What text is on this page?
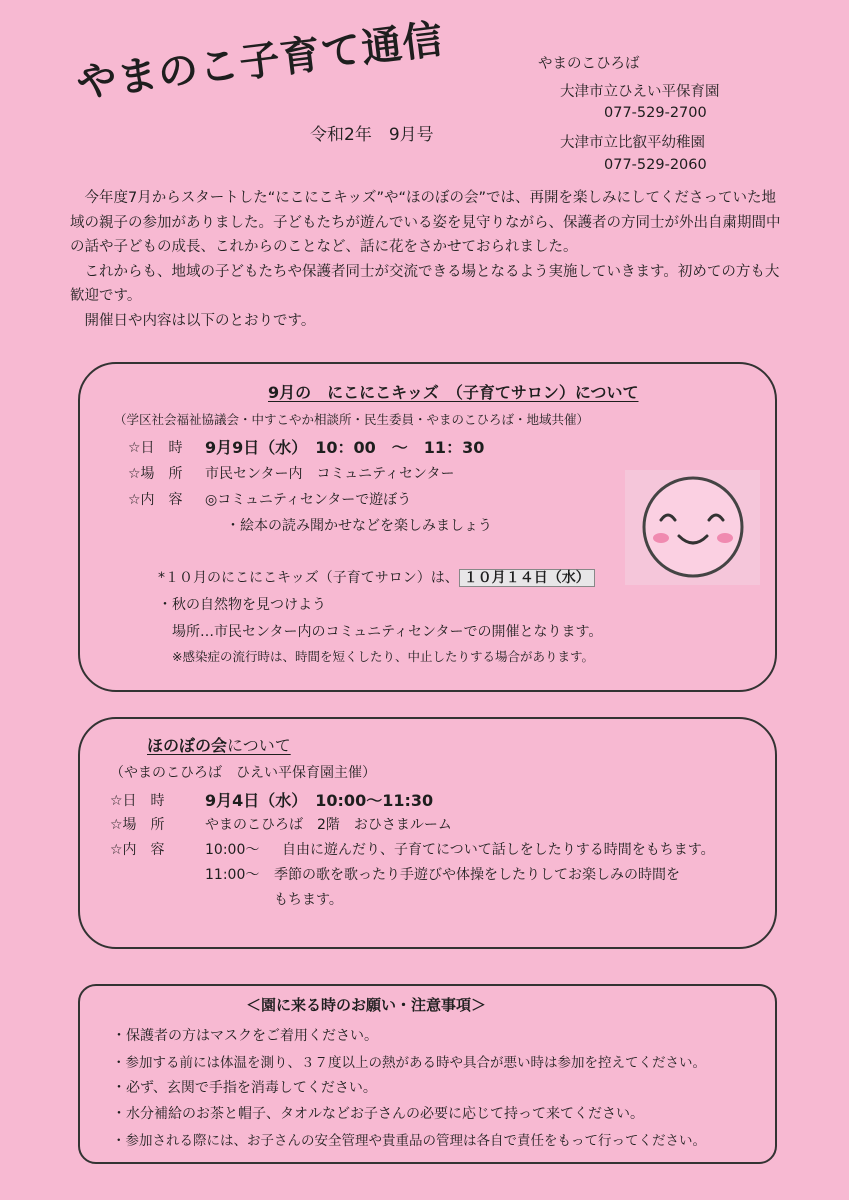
やまのこ子育て通信
令和2年　9月号
やまのこひろば
大津市立ひえい平保育園
077-529-2700
大津市立比叡平幼稚園
077-529-2060

今年度7月からスタートした“にこにこキッズ”や“ほのぼの会”では、再開を楽しみにしてくださっていた地域の親子の参加がありました。子どもたちが遊んでいる姿を見守りながら、保護者の方同士が外出自粛期間中の話や子どもの成長、これからのことなど、話に花をさかせておられました。

これからも、地域の子どもたちや保護者同士が交流できる場となるよう実施していきます。初めての方も大歓迎です。

開催日や内容は以下のとおりです。

9月の　にこにこキッズ　（子育てサロン）について
（学区社会福祉協議会・中すこやか相談所・民生委員・やまのこひろば・地域共催）
☆日　時 9月9日（水）　10：00　～　11：30
☆場　所 市民センター内　コミュニティセンター
☆内　容 ◎コミュニティセンターで遊ぼう
・絵本の読み聞かせなどを楽しみましょう
*１０月のにこにこキッズ（子育てサロン）は、 １０月１４日（水）
・秋の自然物を見つけよう
場所…市民センター内のコミュニティセンターでの開催となります。
※感染症の流行時は、時間を短くしたり、中止したりする場合があります。
ほのぼの会について
（やまのこひろば　ひえい平保育園主催）
☆日　時	9月4日（水）　10:00～11:30
☆場　所	やまのこひろば　2階　おひさまルーム
☆内　容	10:00～ 自由に遊んだり、子育てについて話しをしたりする時間をもちます。
11:00～ 季節の歌を歌ったり手遊びや体操をしたりしてお楽しみの時間を
もちます。
＜園に来る時のお願い・注意事項＞
・保護者の方はマスクをご着用ください。
・参加する前には体温を測り、３７度以上の熱がある時や具合が悪い時は参加を控えてください。
・必ず、玄関で手指を消毒してください。
・水分補給のお茶と帽子、タオルなどお子さんの必要に応じて持って来てください。
・参加される際には、お子さんの安全管理や貴重品の管理は各自で責任をもって行ってください。
